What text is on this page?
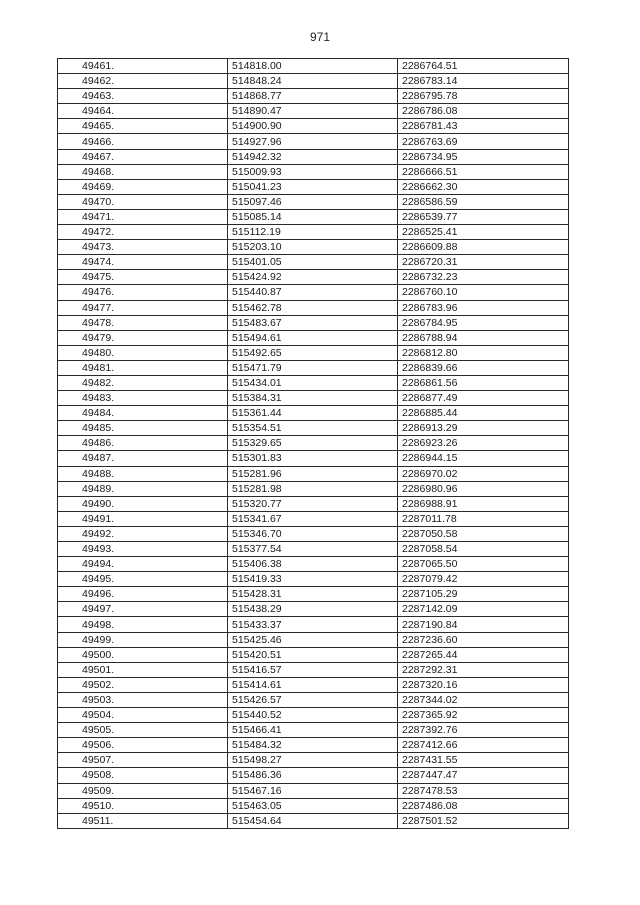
971
49461.	514818.00	2286764.51
49462.	514848.24	2286783.14
49463.	514868.77	2286795.78
49464.	514890.47	2286786.08
49465.	514900.90	2286781.43
49466.	514927.96	2286763.69
49467.	514942.32	2286734.95
49468.	515009.93	2286666.51
49469.	515041.23	2286662.30
49470.	515097.46	2286586.59
49471.	515085.14	2286539.77
49472.	515112.19	2286525.41
49473.	515203.10	2286609.88
49474.	515401.05	2286720.31
49475.	515424.92	2286732.23
49476.	515440.87	2286760.10
49477.	515462.78	2286783.96
49478.	515483.67	2286784.95
49479.	515494.61	2286788.94
49480.	515492.65	2286812.80
49481.	515471.79	2286839.66
49482.	515434.01	2286861.56
49483.	515384.31	2286877.49
49484.	515361.44	2286885.44
49485.	515354.51	2286913.29
49486.	515329.65	2286923.26
49487.	515301.83	2286944.15
49488.	515281.96	2286970.02
49489.	515281.98	2286980.96
49490.	515320.77	2286988.91
49491.	515341.67	2287011.78
49492.	515346.70	2287050.58
49493.	515377.54	2287058.54
49494.	515406.38	2287065.50
49495.	515419.33	2287079.42
49496.	515428.31	2287105.29
49497.	515438.29	2287142.09
49498.	515433.37	2287190.84
49499.	515425.46	2287236.60
49500.	515420.51	2287265.44
49501.	515416.57	2287292.31
49502.	515414.61	2287320.16
49503.	515426.57	2287344.02
49504.	515440.52	2287365.92
49505.	515466.41	2287392.76
49506.	515484.32	2287412.66
49507.	515498.27	2287431.55
49508.	515486.36	2287447.47
49509.	515467.16	2287478.53
49510.	515463.05	2287486.08
49511.	515454.64	2287501.52
